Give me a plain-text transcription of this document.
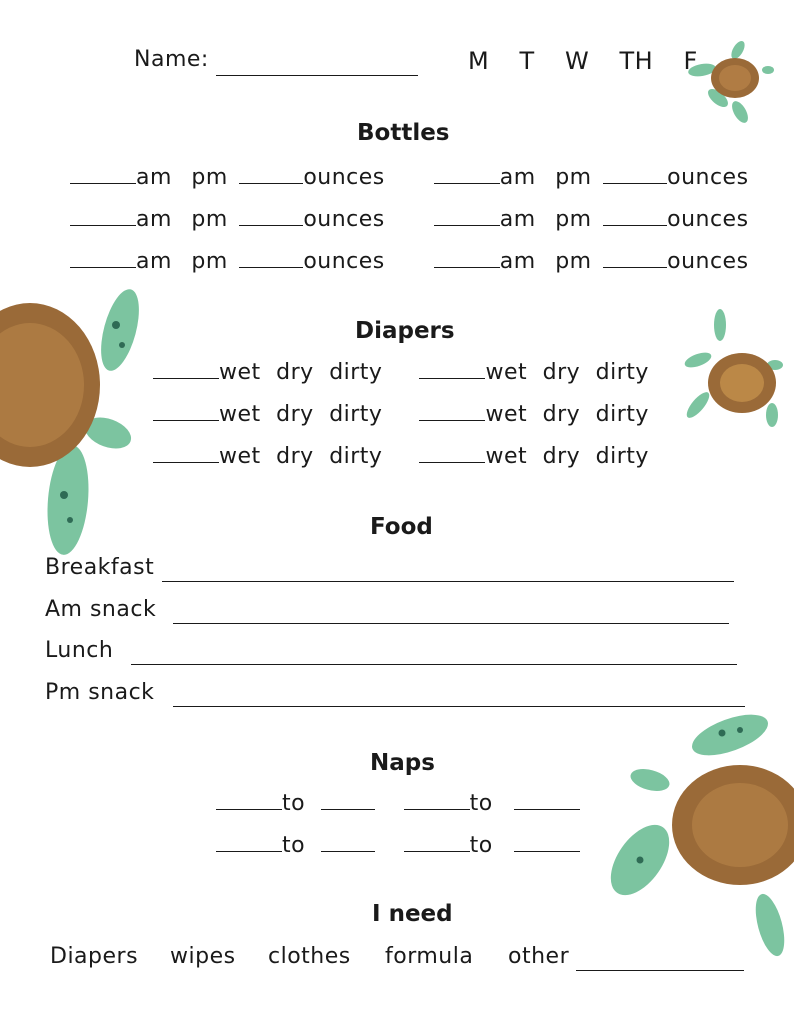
Name:	M T W TH F
Bottles
am pm	ounces	am pm	ounces
am pm	ounces	am pm	ounces
am pm	ounces	am pm	ounces
Diapers
wet dry dirty	wet dry dirty
wet dry dirty	wet dry dirty
wet dry dirty	wet dry dirty
Food
Breakfast
Am snack
Lunch
Pm snack
Naps
to	to
to	to
I need
Diapers wipes clothes formula other
